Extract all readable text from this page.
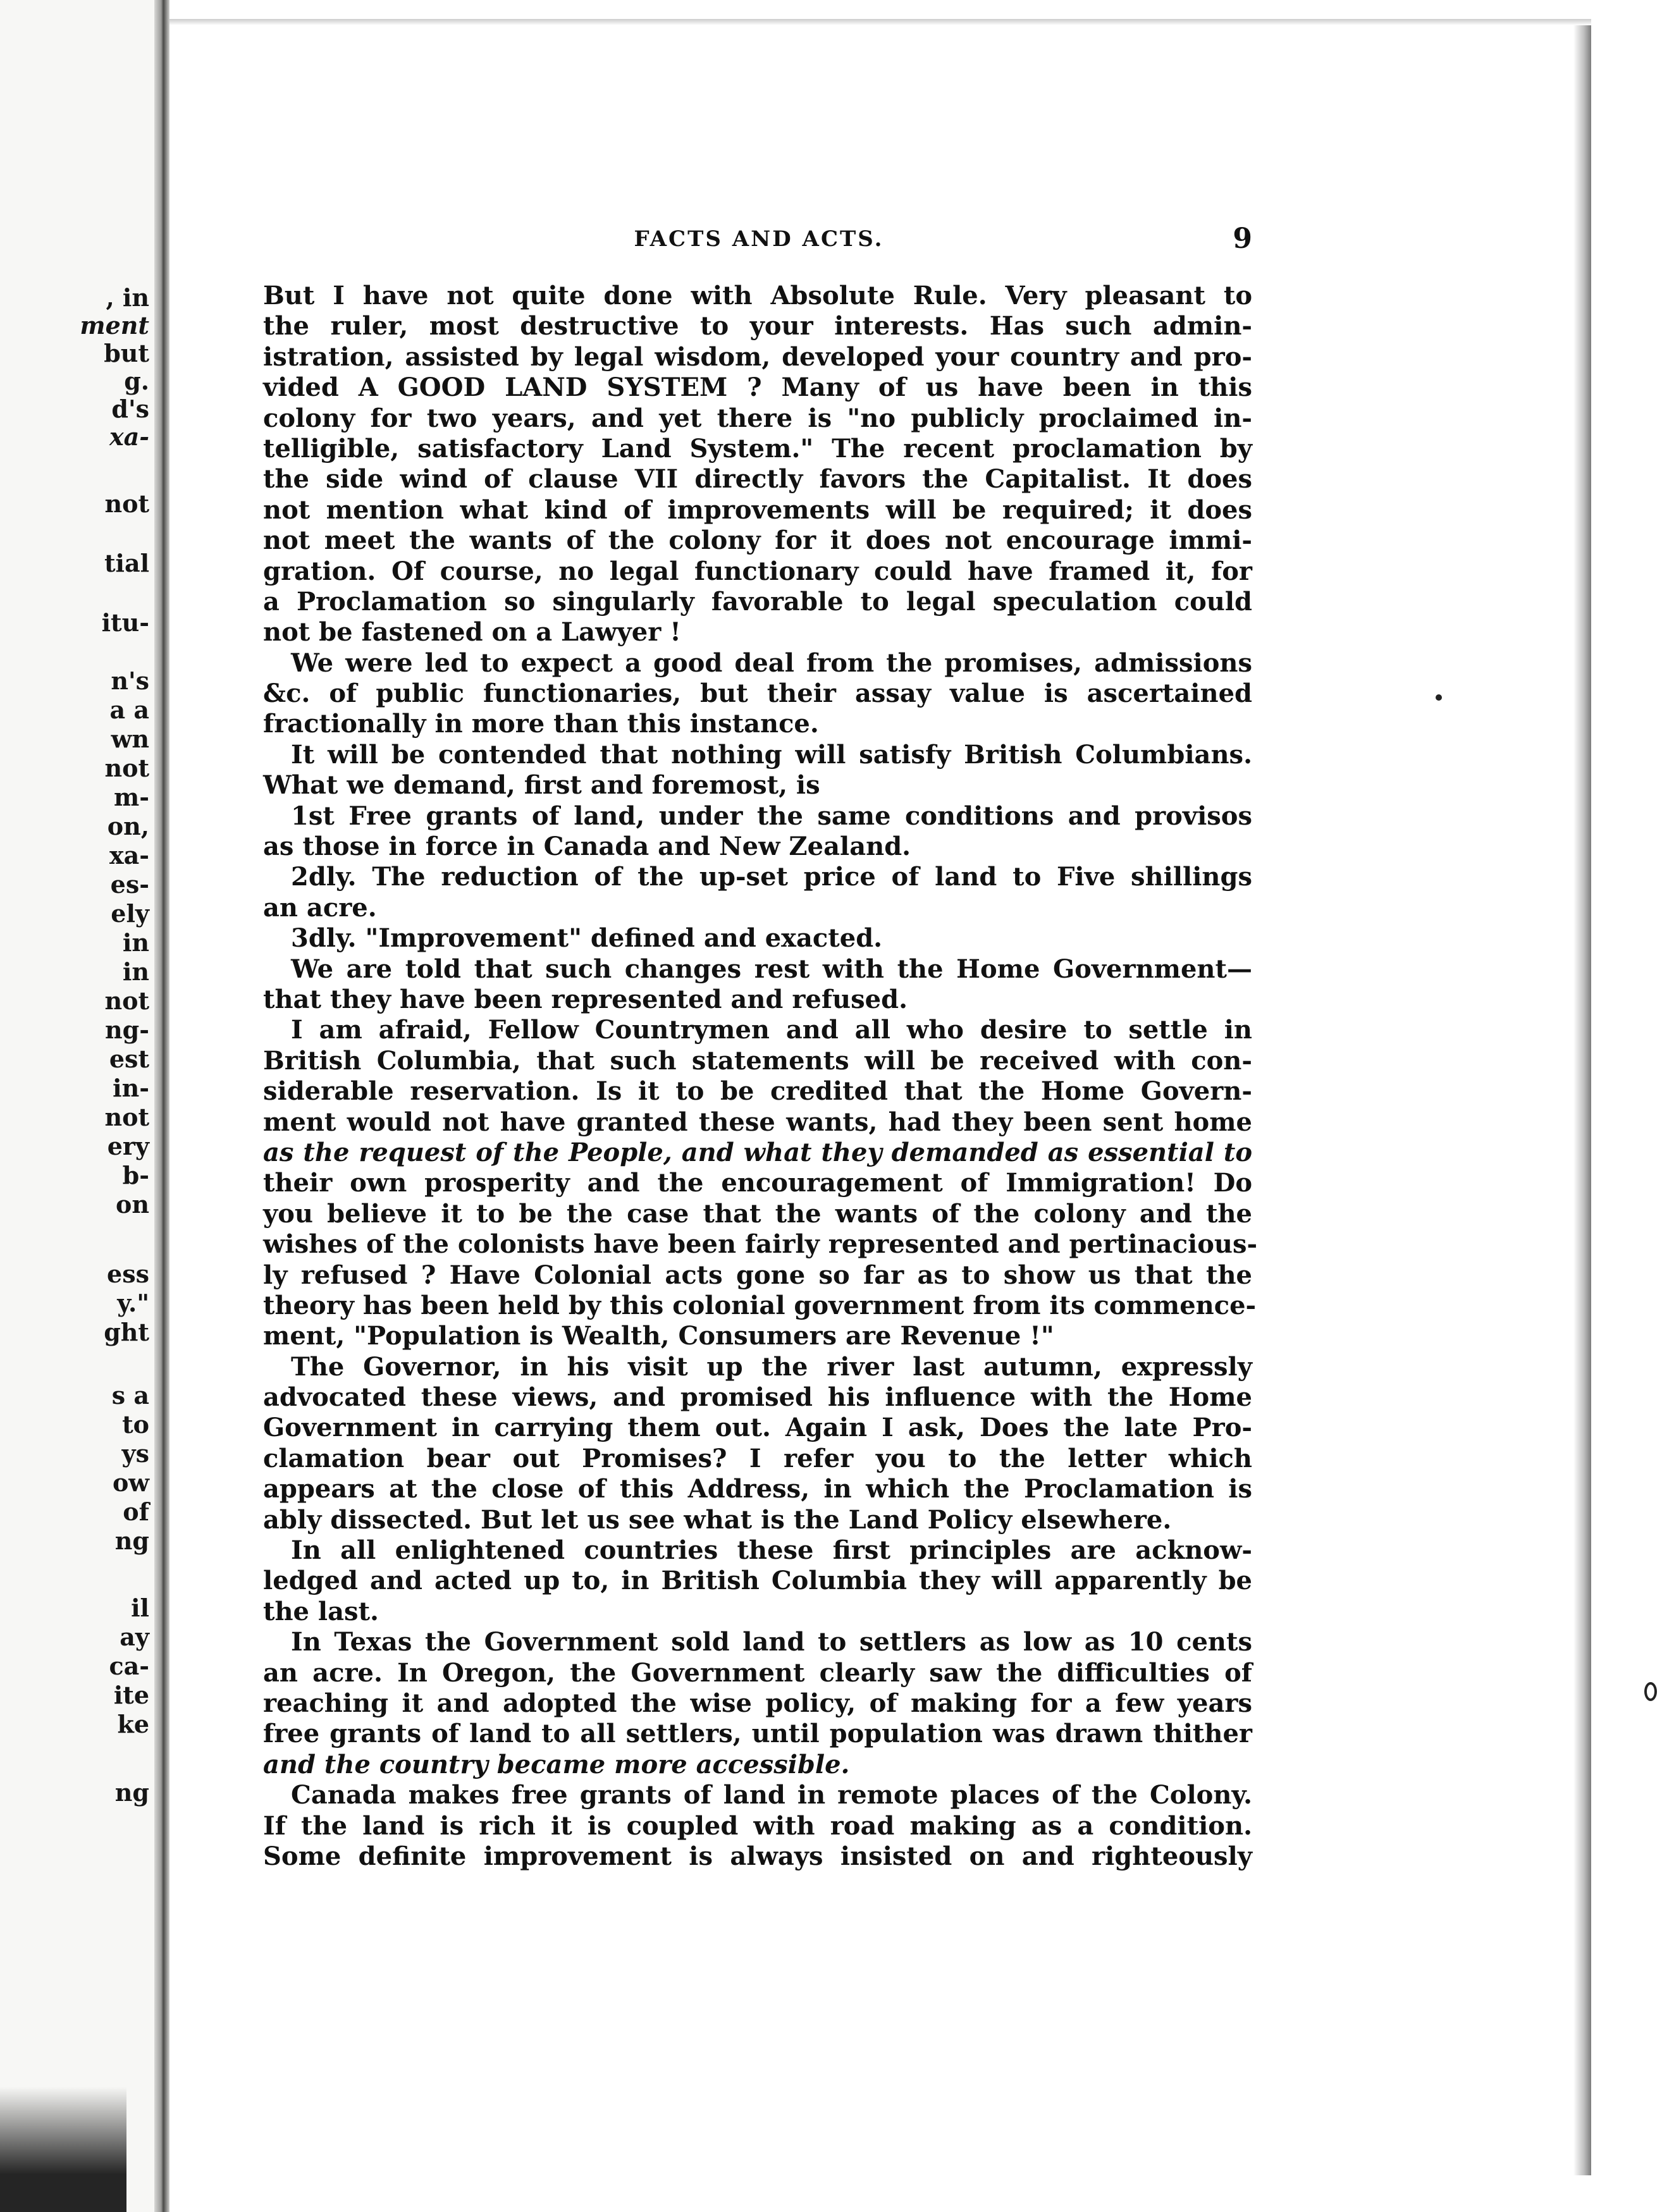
, in
ment
but
g.
d's
xa-
not
tial
itu-
n's
a a
wn
not
m-
on,
xa-
es-
ely
in
in
not
ng-
est
in-
not
ery
b-
on
ess
y."
ght
s a
to
ys
ow
of
ng
il
ay
ca-
ite
ke
ng
FACTS AND ACTS.	9
But I have not quite done with Absolute Rule. Very pleasant to
the ruler, most destructive to your interests. Has such admin-
istration, assisted by legal wisdom, developed your country and pro-
vided A GOOD LAND SYSTEM ? Many of us have been in this
colony for two years, and yet there is "no publicly proclaimed in-
telligible, satisfactory Land System." The recent proclamation by
the side wind of clause VII directly favors the Capitalist. It does
not mention what kind of improvements will be required; it does
not meet the wants of the colony for it does not encourage immi-
gration. Of course, no legal functionary could have framed it, for
a Proclamation so singularly favorable to legal speculation could
not be fastened on a Lawyer !
We were led to expect a good deal from the promises, admissions
&c. of public functionaries, but their assay value is ascertained
fractionally in more than this instance.
It will be contended that nothing will satisfy British Columbians.
What we demand, first and foremost, is
1st Free grants of land, under the same conditions and provisos
as those in force in Canada and New Zealand.
2dly. The reduction of the up-set price of land to Five shillings
an acre.
3dly. "Improvement" defined and exacted.
We are told that such changes rest with the Home Government—
that they have been represented and refused.
I am afraid, Fellow Countrymen and all who desire to settle in
British Columbia, that such statements will be received with con-
siderable reservation. Is it to be credited that the Home Govern-
ment would not have granted these wants, had they been sent home
as the request of the People, and what they demanded as essential to
their own prosperity and the encouragement of Immigration! Do
you believe it to be the case that the wants of the colony and the
wishes of the colonists have been fairly represented and pertinacious-
ly refused ? Have Colonial acts gone so far as to show us that the
theory has been held by this colonial government from its commence-
ment, "Population is Wealth, Consumers are Revenue !"
The Governor, in his visit up the river last autumn, expressly
advocated these views, and promised his influence with the Home
Government in carrying them out. Again I ask, Does the late Pro-
clamation bear out Promises? I refer you to the letter which
appears at the close of this Address, in which the Proclamation is
ably dissected. But let us see what is the Land Policy elsewhere.
In all enlightened countries these first principles are acknow-
ledged and acted up to, in British Columbia they will apparently be
the last.
In Texas the Government sold land to settlers as low as 10 cents
an acre. In Oregon, the Government clearly saw the difficulties of
reaching it and adopted the wise policy, of making for a few years
free grants of land to all settlers, until population was drawn thither
and the country became more accessible.
Canada makes free grants of land in remote places of the Colony.
If the land is rich it is coupled with road making as a condition.
Some definite improvement is always insisted on and righteously
